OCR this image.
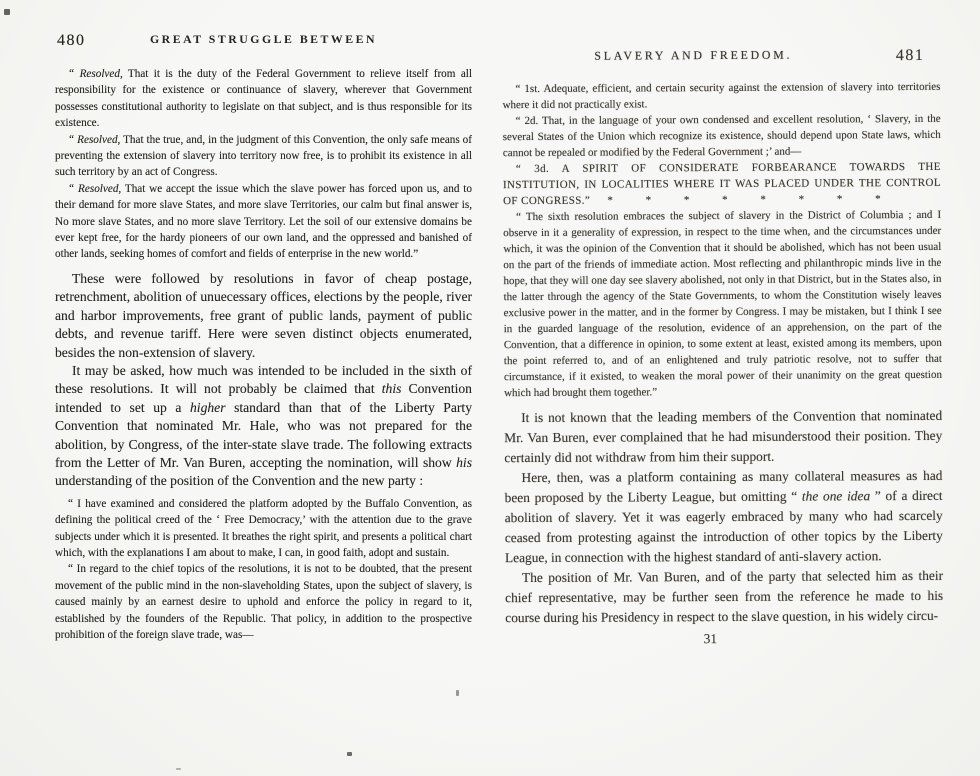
480	GREAT STRUGGLE BETWEEN

“ Resolved, That it is the duty of the Federal Government to relieve itself from all responsibility for the existence or continuance of slavery, wherever that Government possesses constitutional authority to legislate on that subject, and is thus responsible for its existence.

“ Resolved, That the true, and, in the judgment of this Convention, the only safe means of preventing the extension of slavery into territory now free, is to prohibit its existence in all such territory by an act of Congress.

“ Resolved, That we accept the issue which the slave power has forced upon us, and to their demand for more slave States, and more slave Territories, our calm but final answer is, No more slave States, and no more slave Territory. Let the soil of our extensive domains be ever kept free, for the hardy pioneers of our own land, and the oppressed and banished of other lands, seeking homes of comfort and fields of enterprise in the new world.”

These were followed by resolutions in favor of cheap postage, retrenchment, abolition of unuecessary offices, elections by the people, river and harbor improvements, free grant of public lands, payment of public debts, and revenue tariff. Here were seven distinct objects enumerated, besides the non-extension of slavery.

It may be asked, how much was intended to be included in the sixth of these resolutions. It will not probably be claimed that this Convention intended to set up a higher standard than that of the Liberty Party Convention that nominated Mr. Hale, who was not prepared for the abolition, by Congress, of the inter-state slave trade. The following extracts from the Letter of Mr. Van Buren, accepting the nomination, will show his understanding of the position of the Convention and the new party :

“ I have examined and considered the platform adopted by the Buffalo Convention, as defining the political creed of the ‘ Free Democracy,’ with the attention due to the grave subjects under which it is presented. It breathes the right spirit, and presents a political chart which, with the explanations I am about to make, I can, in good faith, adopt and sustain.

“ In regard to the chief topics of the resolutions, it is not to be doubted, that the present movement of the public mind in the non-slaveholding States, upon the subject of slavery, is caused mainly by an earnest desire to uphold and enforce the policy in regard to it, established by the founders of the Republic. That policy, in addition to the prospective prohibition of the foreign slave trade, was—

SLAVERY AND FREEDOM.	481

“ 1st. Adequate, efficient, and certain security against the extension of slavery into territories where it did not practically exist.

“ 2d. That, in the language of your own condensed and excellent resolution, ‘ Slavery, in the several States of the Union which recognize its existence, should depend upon State laws, which cannot be repealed or modified by the Federal Government ;’ and—

“ 3d. A SPIRIT OF CONSIDERATE FORBEARANCE TOWARDS THE INSTITUTION, IN LOCALITIES WHERE IT WAS PLACED UNDER THE CONTROL OF CONGRESS.” * * * * * * * *

“ The sixth resolution embraces the subject of slavery in the District of Columbia ; and I observe in it a generality of expression, in respect to the time when, and the circumstances under which, it was the opinion of the Convention that it should be abolished, which has not been usual on the part of the friends of immediate action. Most reflecting and philanthropic minds live in the hope, that they will one day see slavery abolished, not only in that District, but in the States also, in the latter through the agency of the State Governments, to whom the Constitution wisely leaves exclusive power in the matter, and in the former by Congress. I may be mistaken, but I think I see in the guarded language of the resolution, evidence of an apprehension, on the part of the Convention, that a difference in opinion, to some extent at least, existed among its members, upon the point referred to, and of an enlightened and truly patriotic resolve, not to suffer that circumstance, if it existed, to weaken the moral power of their unanimity on the great question which had brought them together.”

It is not known that the leading members of the Convention that nominated Mr. Van Buren, ever complained that he had misunderstood their position. They certainly did not withdraw from him their support.

Here, then, was a platform containing as many collateral measures as had been proposed by the Liberty League, but omitting “ the one idea ” of a direct abolition of slavery. Yet it was eagerly embraced by many who had scarcely ceased from protesting against the introduction of other topics by the Liberty League, in connection with the highest standard of anti-slavery action.

The position of Mr. Van Buren, and of the party that selected him as their chief representative, may be further seen from the reference he made to his course during his Presidency in respect to the slave question, in his widely circu-

31
